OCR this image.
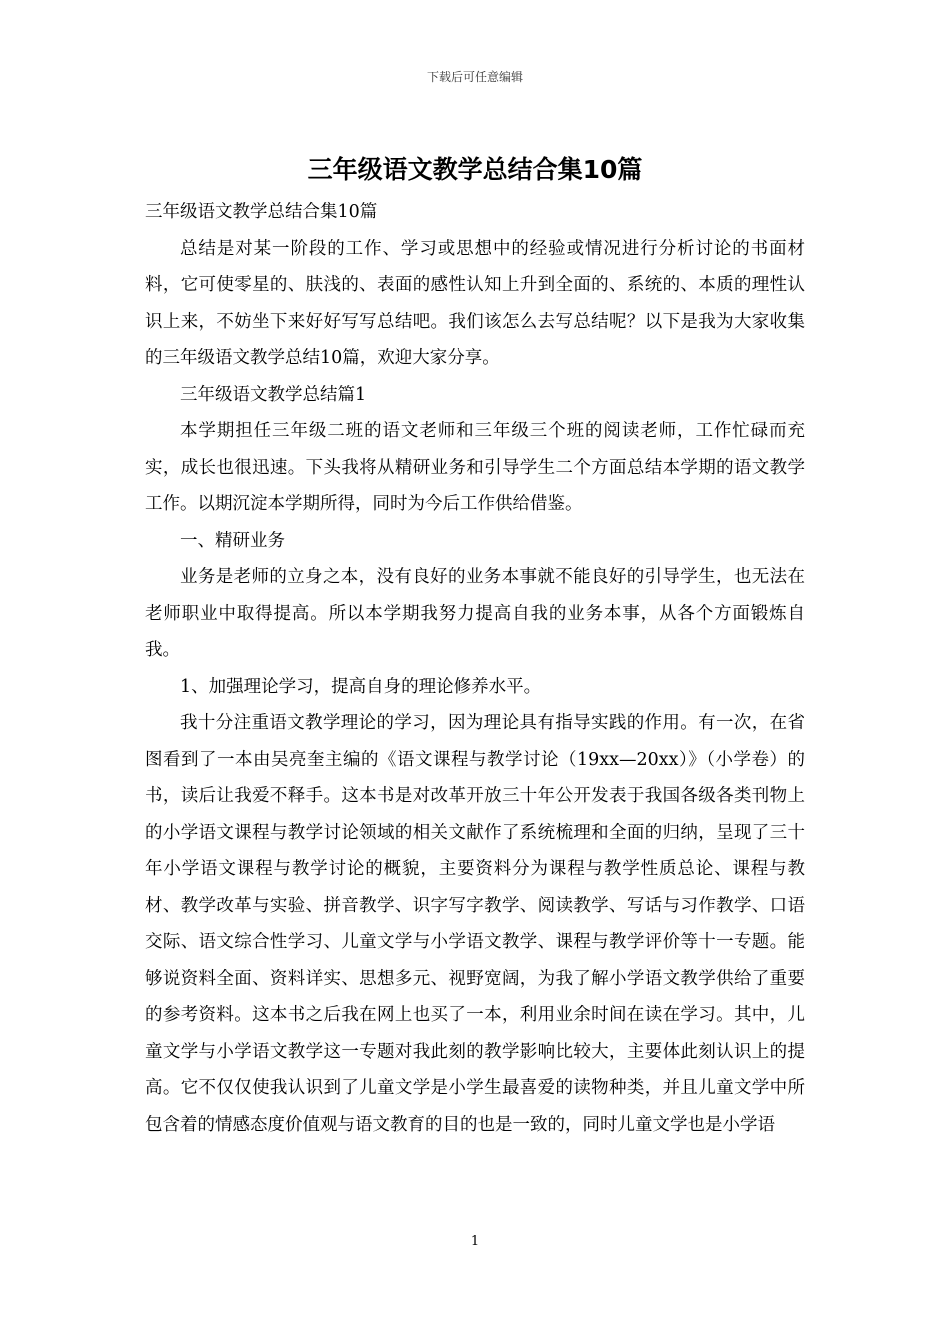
下载后可任意编辑
三年级语文教学总结合集10篇

三年级语文教学总结合集10篇

总结是对某一阶段的工作、学习或思想中的经验或情况进行分析讨论的书面材料，它可使零星的、肤浅的、表面的感性认知上升到全面的、系统的、本质的理性认识上来，不妨坐下来好好写写总结吧。我们该怎么去写总结呢？以下是我为大家收集的三年级语文教学总结10篇，欢迎大家分享。

三年级语文教学总结篇1

本学期担任三年级二班的语文老师和三年级三个班的阅读老师，工作忙碌而充实，成长也很迅速。下头我将从精研业务和引导学生二个方面总结本学期的语文教学工作。以期沉淀本学期所得，同时为今后工作供给借鉴。

一、精研业务

业务是老师的立身之本，没有良好的业务本事就不能良好的引导学生，也无法在老师职业中取得提高。所以本学期我努力提高自我的业务本事，从各个方面锻炼自我。

1、加强理论学习，提高自身的理论修养水平。

我十分注重语文教学理论的学习，因为理论具有指导实践的作用。有一次，在省图看到了一本由吴亮奎主编的《语文课程与教学讨论（19xx—20xx）》（小学卷）的书，读后让我爱不释手。这本书是对改革开放三十年公开发表于我国各级各类刊物上的小学语文课程与教学讨论领域的相关文献作了系统梳理和全面的归纳，呈现了三十年小学语文课程与教学讨论的概貌，主要资料分为课程与教学性质总论、课程与教材、教学改革与实验、拼音教学、识字写字教学、阅读教学、写话与习作教学、口语交际、语文综合性学习、儿童文学与小学语文教学、课程与教学评价等十一专题。能够说资料全面、资料详实、思想多元、视野宽阔，为我了解小学语文教学供给了重要的参考资料。这本书之后我在网上也买了一本，利用业余时间在读在学习。其中，儿童文学与小学语文教学这一专题对我此刻的教学影响比较大，主要体此刻认识上的提高。它不仅仅使我认识到了儿童文学是小学生最喜爱的读物种类，并且儿童文学中所包含着的情感态度价值观与语文教育的目的也是一致的，同时儿童文学也是小学语

1
